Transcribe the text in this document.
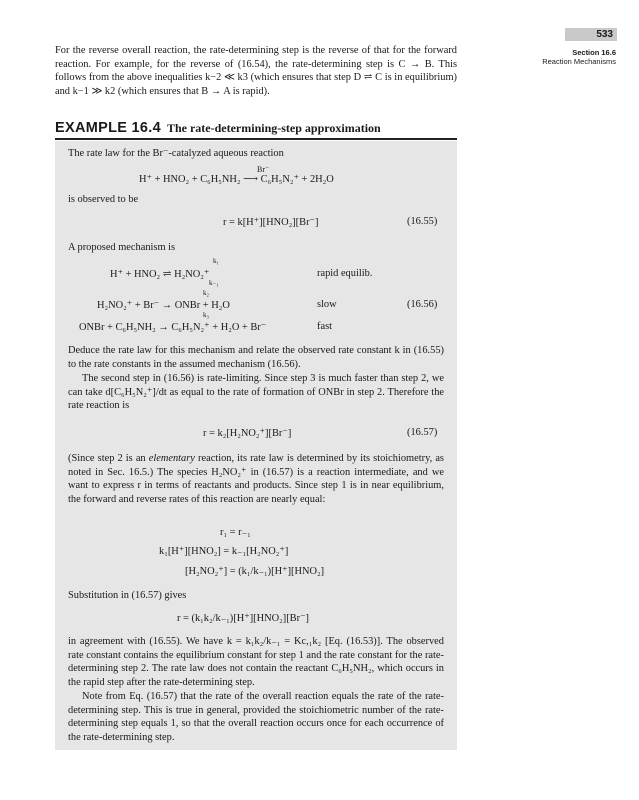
533
Section 16.6
Reaction Mechanisms
For the reverse overall reaction, the rate-determining step is the reverse of that for the forward reaction. For example, for the reverse of (16.54), the rate-determining step is C → B. This follows from the above inequalities k−2 ≪ k3 (which ensures that step D ⇌ C is in equilibrium) and k−1 ≫ k2 (which ensures that B → A is rapid).
EXAMPLE 16.4 The rate-determining-step approximation
The rate law for the Br⁻-catalyzed aqueous reaction
Br⁻
H⁺ + HNO₂ + C₆H₅NH₂ ⟶ C₆H₅N₂⁺ + 2H₂O
is observed to be
r = k[H⁺][HNO₂][Br⁻]	(16.55)
A proposed mechanism is
k₁
k₋₁
H⁺ + HNO₂ ⇌ H₂NO₂⁺	rapid equilib.
k₂
H₂NO₂⁺ + Br⁻ → ONBr + H₂O	slow	(16.56)
k₃
ONBr + C₆H₅NH₂ → C₆H₅N₂⁺ + H₂O + Br⁻	fast
Deduce the rate law for this mechanism and relate the observed rate constant k in (16.55) to the rate constants in the assumed mechanism (16.56).
The second step in (16.56) is rate-limiting. Since step 3 is much faster than step 2, we can take d[C₆H₅N₂⁺]/dt as equal to the rate of formation of ONBr in step 2. Therefore the rate reaction is
r = k₂[H₂NO₂⁺][Br⁻]	(16.57)
(Since step 2 is an elementary reaction, its rate law is determined by its stoichiometry, as noted in Sec. 16.5.) The species H₂NO₂⁺ in (16.57) is a reaction intermediate, and we want to express r in terms of reactants and products. Since step 1 is in near equilibrium, the forward and reverse rates of this reaction are nearly equal:
r₁ = r₋₁
k₁[H⁺][HNO₂] = k₋₁[H₂NO₂⁺]
[H₂NO₂⁺] = (k₁/k₋₁)[H⁺][HNO₂]
Substitution in (16.57) gives
r = (k₁k₂/k₋₁)[H⁺][HNO₂][Br⁻]
in agreement with (16.55). We have k = k₁k₂/k₋₁ = Kc,₁k₂ [Eq. (16.53)]. The observed rate constant contains the equilibrium constant for step 1 and the rate constant for the rate-determining step 2. The rate law does not contain the reactant C₆H₅NH₂, which occurs in the rapid step after the rate-determining step.
Note from Eq. (16.57) that the rate of the overall reaction equals the rate of the rate-determining step. This is true in general, provided the stoichiometric number of the rate-determining step equals 1, so that the overall reaction occurs once for each occurrence of the rate-determining step.
